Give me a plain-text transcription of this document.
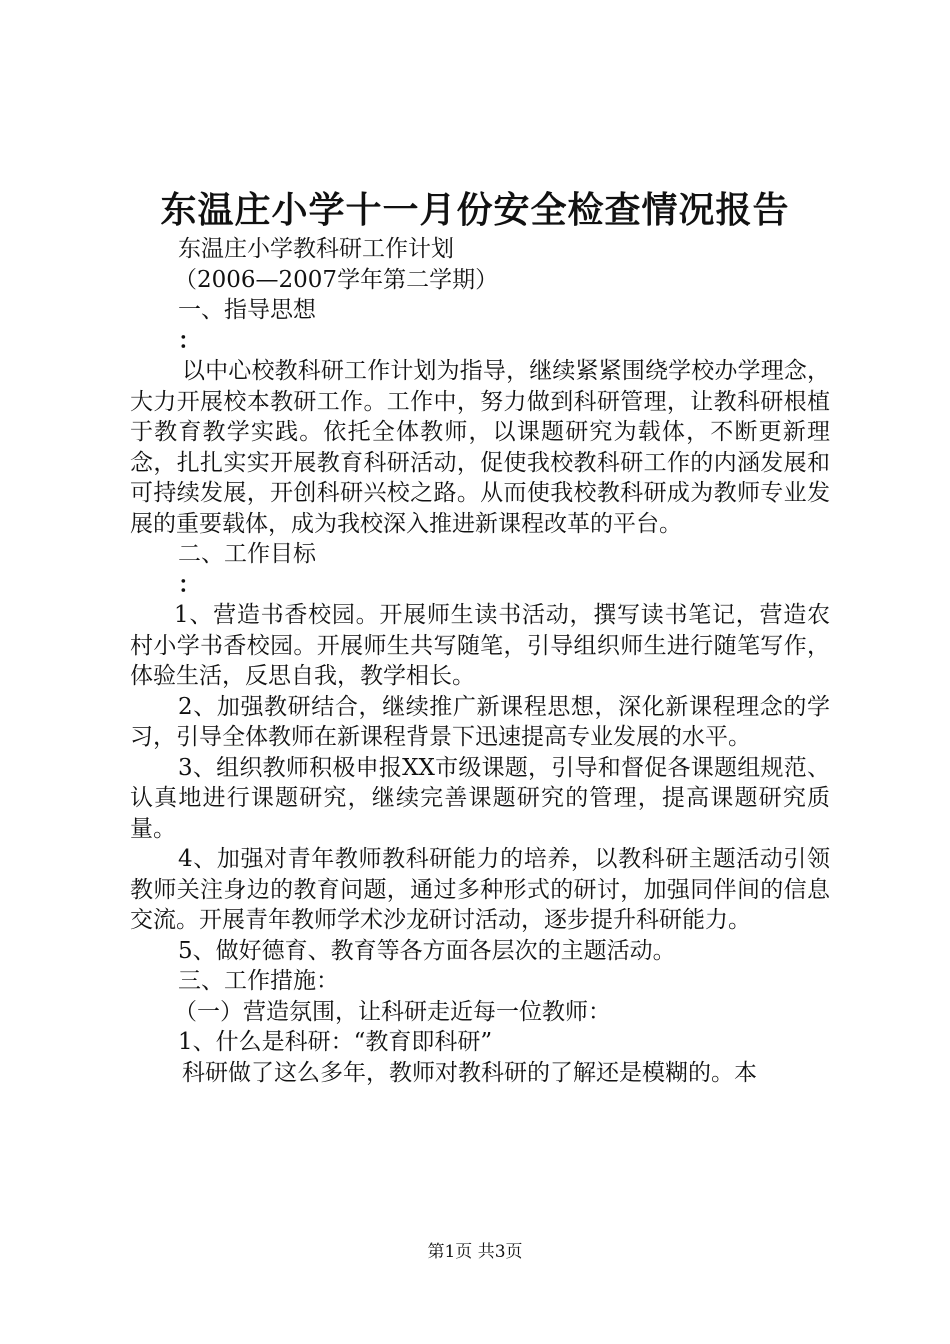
东温庄小学十一月份安全检查情况报告

东温庄小学教科研工作计划

（2006—2007学年第二学期）

一、指导思想

：

以中心校教科研工作计划为指导，继续紧紧围绕学校办学理念，大力开展校本教研工作。工作中，努力做到科研管理，让教科研根植于教育教学实践。依托全体教师，以课题研究为载体，不断更新理念，扎扎实实开展教育科研活动，促使我校教科研工作的内涵发展和可持续发展，开创科研兴校之路。从而使我校教科研成为教师专业发展的重要载体，成为我校深入推进新课程改革的平台。

二、工作目标

：

1、营造书香校园。开展师生读书活动，撰写读书笔记，营造农村小学书香校园。开展师生共写随笔，引导组织师生进行随笔写作，体验生活，反思自我，教学相长。

2、加强教研结合，继续推广新课程思想，深化新课程理念的学习，引导全体教师在新课程背景下迅速提高专业发展的水平。

3、组织教师积极申报XX市级课题，引导和督促各课题组规范、认真地进行课题研究，继续完善课题研究的管理，提高课题研究质量。

4、加强对青年教师教科研能力的培养，以教科研主题活动引领教师关注身边的教育问题，通过多种形式的研讨，加强同伴间的信息交流。开展青年教师学术沙龙研讨活动，逐步提升科研能力。

5、做好德育、教育等各方面各层次的主题活动。

三、工作措施：

（一）营造氛围，让科研走近每一位教师：

1、什么是科研：“教育即科研”

科研做了这么多年，教师对教科研的了解还是模糊的。本

第1页 共3页
